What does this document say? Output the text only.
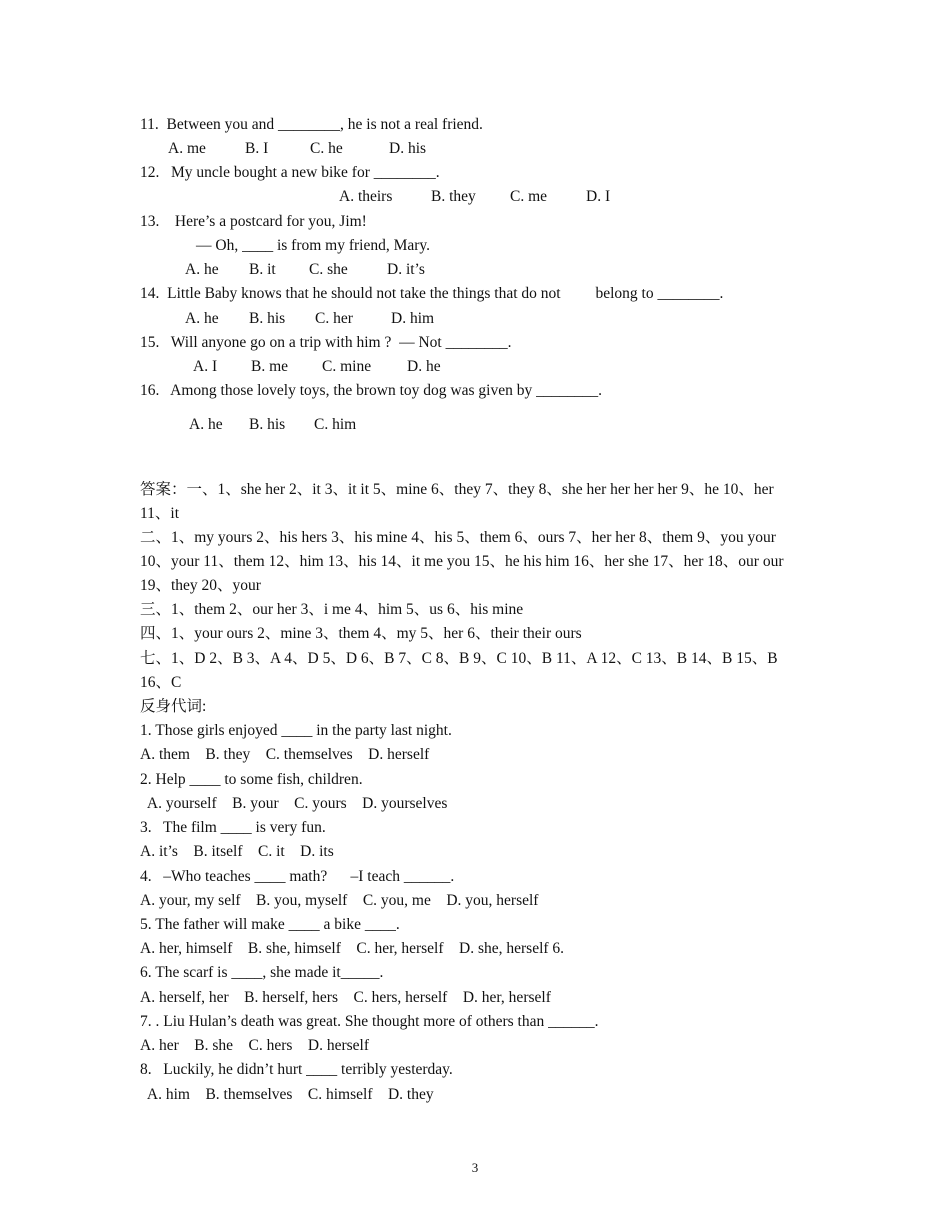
11.  Between you and ________, he is not a real friend.
A. me	B. I	C. he	D. his
12.   My uncle bought a new bike for ________.
A. theirs B. they C. me	D. I
13.    Here’s a postcard for you, Jim!
— Oh, ____ is from my friend, Mary.
A. he B. it C. she	D. it’s
14.  Little Baby knows that he should not take the things that do not         belong to ________.
A. he B. his C. her D. him
15.   Will anyone go on a trip with him ?  — Not ________.
A. I B. me C. mine D. he
16.   Among those lovely toys, the brown toy dog was given by ________.
A. he B. his C. him
答案：一、1、she her 2、it 3、it it 5、mine 6、they 7、they 8、she her her her her 9、he 10、her
11、it
二、1、my yours 2、his hers 3、his mine 4、his 5、them 6、ours 7、her her 8、them 9、you your
10、your 11、them 12、him 13、his 14、it me you 15、he his him 16、her she 17、her 18、our our
19、they 20、your
三、1、them 2、our her 3、i me 4、him 5、us 6、his mine
四、1、your ours 2、mine 3、them 4、my 5、her 6、their their ours
七、1、D 2、B 3、A 4、D 5、D 6、B 7、C 8、B 9、C 10、B 11、A 12、C 13、B 14、B 15、B
16、C
反身代词:
1. Those girls enjoyed ____ in the party last night.
A. them    B. they    C. themselves    D. herself
2. Help ____ to some fish, children.
A. yourself    B. your    C. yours    D. yourselves
3.   The film ____ is very fun.
A. it’s    B. itself    C. it    D. its
4.   –Who teaches ____ math?      –I teach ______.
A. your, my self    B. you, myself    C. you, me    D. you, herself
5. The father will make ____ a bike ____.
A. her, himself    B. she, himself    C. her, herself    D. she, herself 6.
6. The scarf is ____, she made it_____.
A. herself, her    B. herself, hers    C. hers, herself    D. her, herself
7. . Liu Hulan’s death was great. She thought more of others than ______.
A. her    B. she    C. hers    D. herself
8.   Luckily, he didn’t hurt ____ terribly yesterday.
A. him    B. themselves    C. himself    D. they
3
